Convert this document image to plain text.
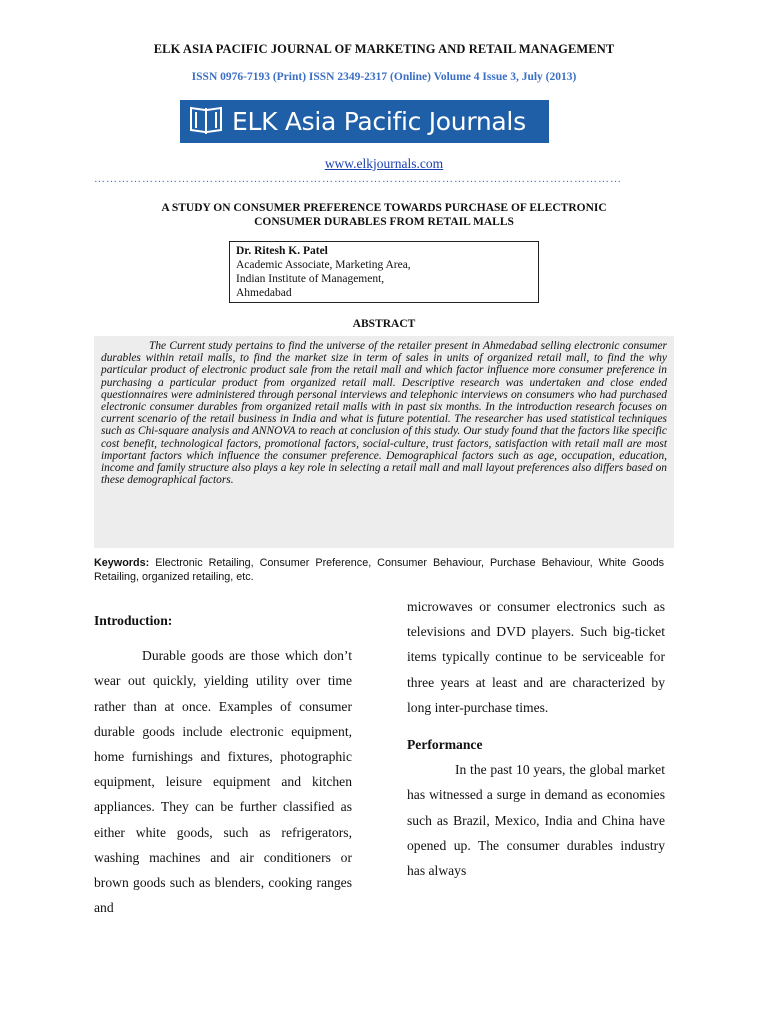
ELK ASIA PACIFIC JOURNAL OF MARKETING AND RETAIL MANAGEMENT
ISSN 0976-7193 (Print) ISSN 2349-2317 (Online) Volume 4 Issue 3, July (2013)
ELK Asia Pacific Journals
www.elkjournals.com
……………………………………………………………………………………………………………………
A STUDY ON CONSUMER PREFERENCE TOWARDS PURCHASE OF ELECTRONIC
CONSUMER DURABLES FROM RETAIL MALLS
Dr. Ritesh K. Patel
Academic Associate, Marketing Area,
Indian Institute of Management,
Ahmedabad
ABSTRACT

The Current study pertains to find the universe of the retailer present in Ahmedabad selling electronic consumer durables within retail malls, to find the market size in term of sales in units of organized retail mall, to find the why particular product of electronic product sale from the retail mall and which factor influence more consumer preference in purchasing a particular product from organized retail mall. Descriptive research was undertaken and close ended questionnaires were administered through personal interviews and telephonic interviews on consumers who had purchased electronic consumer durables from organized retail malls with in past six months. In the introduction research focuses on current scenario of the retail business in India and what is future potential. The researcher has used statistical techniques such as Chi-square analysis and ANNOVA to reach at conclusion of this study. Our study found that the factors like specific cost benefit, technological factors, promotional factors, social-culture, trust factors, satisfaction with retail mall are most important factors which influence the consumer preference. Demographical factors such as age, occupation, education, income and family structure also plays a key role in selecting a retail mall and mall layout preferences also differs based on these demographical factors.

Keywords: Electronic Retailing, Consumer Preference, Consumer Behaviour, Purchase Behaviour, White Goods Retailing, organized retailing, etc.
Introduction:

Durable goods are those which don’t wear out quickly, yielding utility over time rather than at once. Examples of consumer durable goods include electronic equipment, home furnishings and fixtures, photographic equipment, leisure equipment and kitchen appliances. They can be further classified as either white goods, such as refrigerators, washing machines and air conditioners or brown goods such as blenders, cooking ranges and

microwaves or consumer electronics such as televisions and DVD players. Such big-ticket items typically continue to be serviceable for three years at least and are characterized by long inter-purchase times.

Performance

In the past 10 years, the global market has witnessed a surge in demand as economies such as Brazil, Mexico, India and China have opened up. The consumer durables industry has always
